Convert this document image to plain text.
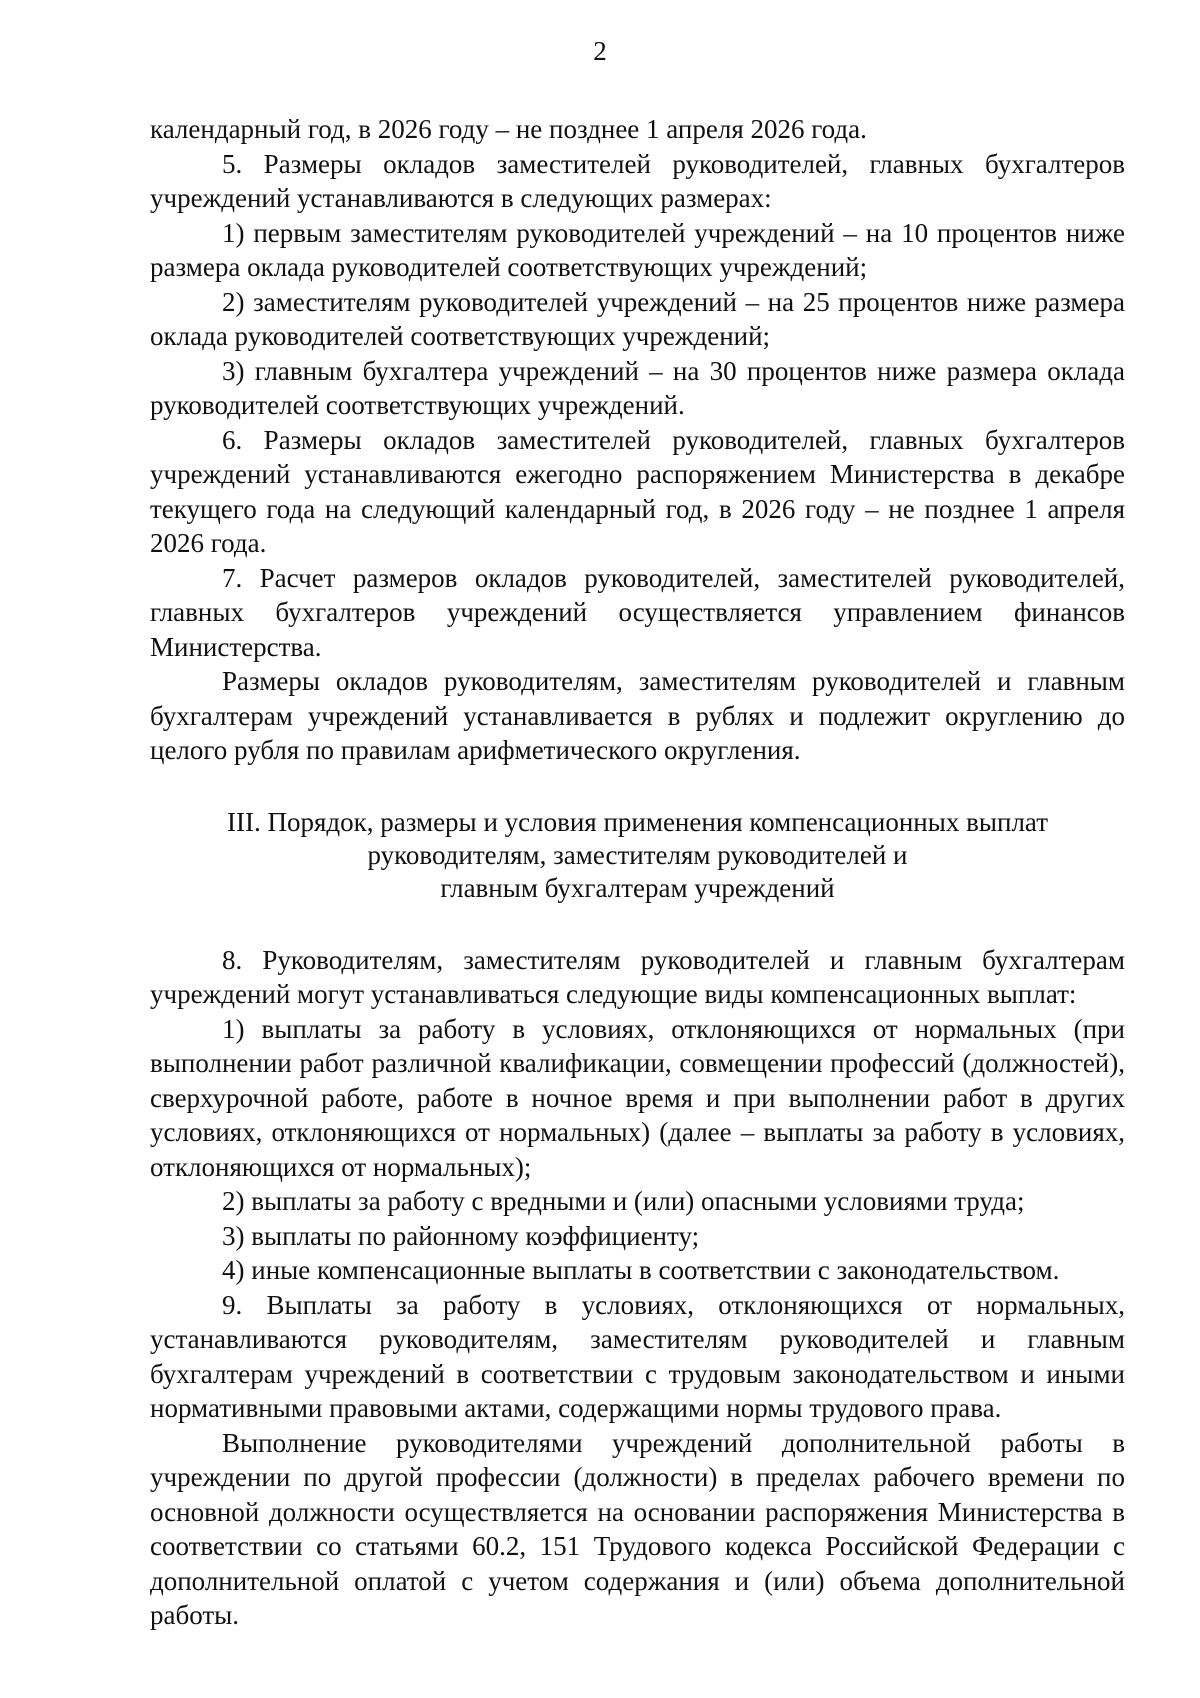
2

календарный год, в 2026 году – не позднее 1 апреля 2026 года.

5. Размеры окладов заместителей руководителей, главных бухгалтеров учреждений устанавливаются в следующих размерах:

1) первым заместителям руководителей учреждений – на 10 процентов ниже размера оклада руководителей соответствующих учреждений;

2) заместителям руководителей учреждений – на 25 процентов ниже размера оклада руководителей соответствующих учреждений;

3) главным бухгалтера учреждений – на 30 процентов ниже размера оклада руководителей соответствующих учреждений.

6. Размеры окладов заместителей руководителей, главных бухгалтеров учреждений устанавливаются ежегодно распоряжением Министерства в декабре текущего года на следующий календарный год, в 2026 году – не позднее 1 апреля 2026 года.

7. Расчет размеров окладов руководителей, заместителей руководителей, главных бухгалтеров учреждений осуществляется управлением финансов Министерства.

Размеры окладов руководителям, заместителям руководителей и главным бухгалтерам учреждений устанавливается в рублях и подлежит округлению до целого рубля по правилам арифметического округления.

III. Порядок, размеры и условия применения компенсационных выплат
руководителям, заместителям руководителей и
главным бухгалтерам учреждений

8. Руководителям, заместителям руководителей и главным бухгалтерам учреждений могут устанавливаться следующие виды компенсационных выплат:

1) выплаты за работу в условиях, отклоняющихся от нормальных (при выполнении работ различной квалификации, совмещении профессий (должностей), сверхурочной работе, работе в ночное время и при выполнении работ в других условиях, отклоняющихся от нормальных) (далее – выплаты за работу в условиях, отклоняющихся от нормальных);

2) выплаты за работу с вредными и (или) опасными условиями труда;

3) выплаты по районному коэффициенту;

4) иные компенсационные выплаты в соответствии с законодательством.

9. Выплаты за работу в условиях, отклоняющихся от нормальных, устанавливаются руководителям, заместителям руководителей и главным бухгалтерам учреждений в соответствии с трудовым законодательством и иными нормативными правовыми актами, содержащими нормы трудового права.

Выполнение руководителями учреждений дополнительной работы в учреждении по другой профессии (должности) в пределах рабочего времени по основной должности осуществляется на основании распоряжения Министерства в соответствии со статьями 60.2, 151 Трудового кодекса Российской Федерации с дополнительной оплатой с учетом содержания и (или) объема дополнительной работы.
